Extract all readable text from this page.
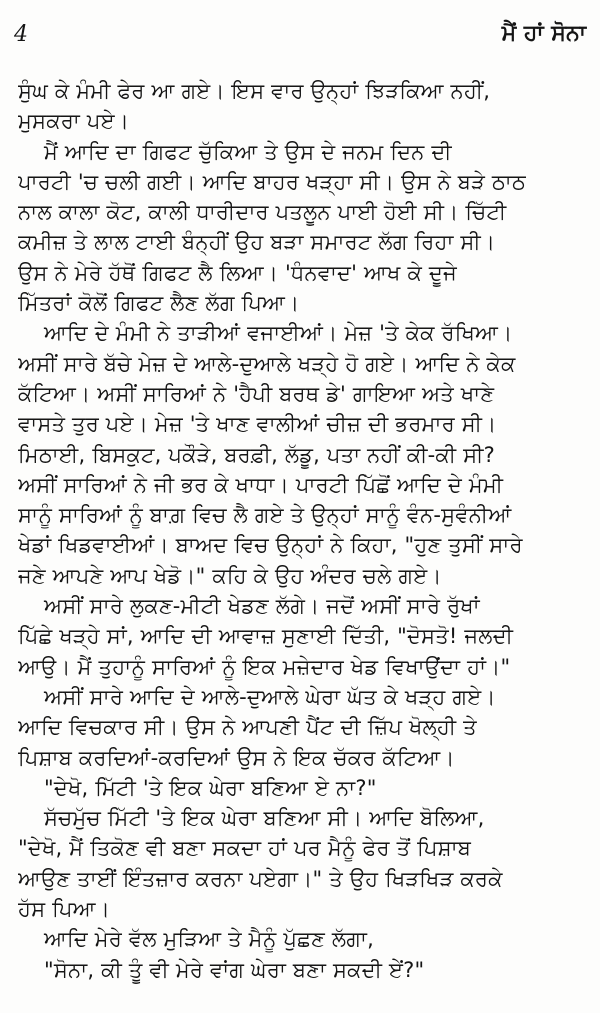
4	ਮੈਂ ਹਾਂ ਸੋਨਾ
ਸੁੰਘ ਕੇ ਮੰਮੀ ਫੇਰ ਆ ਗਏ। ਇਸ ਵਾਰ ਉਨ੍ਹਾਂ ਝਿੜਕਿਆ ਨਹੀਂ,
ਮੁਸਕਰਾ ਪਏ।
ਮੈਂ ਆਦਿ ਦਾ ਗਿਫਟ ਚੁੱਕਿਆ ਤੇ ਉਸ ਦੇ ਜਨਮ ਦਿਨ ਦੀ
ਪਾਰਟੀ 'ਚ ਚਲੀ ਗਈ। ਆਦਿ ਬਾਹਰ ਖੜ੍ਹਾ ਸੀ। ਉਸ ਨੇ ਬੜੇ ਠਾਠ
ਨਾਲ ਕਾਲਾ ਕੋਟ, ਕਾਲੀ ਧਾਰੀਦਾਰ ਪਤਲੂਨ ਪਾਈ ਹੋਈ ਸੀ। ਚਿੱਟੀ
ਕਮੀਜ਼ ਤੇ ਲਾਲ ਟਾਈ ਬੰਨ੍ਹੀਂ ਉਹ ਬੜਾ ਸਮਾਰਟ ਲੱਗ ਰਿਹਾ ਸੀ।
ਉਸ ਨੇ ਮੇਰੇ ਹੱਥੋਂ ਗਿਫਟ ਲੈ ਲਿਆ। 'ਧੰਨਵਾਦ' ਆਖ ਕੇ ਦੂਜੇ
ਮਿੱਤਰਾਂ ਕੋਲੋਂ ਗਿਫਟ ਲੈਣ ਲੱਗ ਪਿਆ।
ਆਦਿ ਦੇ ਮੰਮੀ ਨੇ ਤਾੜੀਆਂ ਵਜਾਈਆਂ। ਮੇਜ਼ 'ਤੇ ਕੇਕ ਰੱਖਿਆ।
ਅਸੀਂ ਸਾਰੇ ਬੱਚੇ ਮੇਜ਼ ਦੇ ਆਲੇ-ਦੁਆਲੇ ਖੜ੍ਹੇ ਹੋ ਗਏ। ਆਦਿ ਨੇ ਕੇਕ
ਕੱਟਿਆ। ਅਸੀਂ ਸਾਰਿਆਂ ਨੇ 'ਹੈਪੀ ਬਰਥ ਡੇ' ਗਾਇਆ ਅਤੇ ਖਾਣੇ
ਵਾਸਤੇ ਤੁਰ ਪਏ। ਮੇਜ਼ 'ਤੇ ਖਾਣ ਵਾਲੀਆਂ ਚੀਜ਼ ਦੀ ਭਰਮਾਰ ਸੀ।
ਮਿਠਾਈ, ਬਿਸਕੁਟ, ਪਕੌੜੇ, ਬਰਫ਼ੀ, ਲੱਡੂ, ਪਤਾ ਨਹੀਂ ਕੀ-ਕੀ ਸੀ?
ਅਸੀਂ ਸਾਰਿਆਂ ਨੇ ਜੀ ਭਰ ਕੇ ਖਾਧਾ। ਪਾਰਟੀ ਪਿੱਛੋਂ ਆਦਿ ਦੇ ਮੰਮੀ
ਸਾਨੂੰ ਸਾਰਿਆਂ ਨੂੰ ਬਾਗ਼ ਵਿਚ ਲੈ ਗਏ ਤੇ ਉਨ੍ਹਾਂ ਸਾਨੂੰ ਵੰਨ-ਸੁਵੰਨੀਆਂ
ਖੇਡਾਂ ਖਿਡਵਾਈਆਂ। ਬਾਅਦ ਵਿਚ ਉਨ੍ਹਾਂ ਨੇ ਕਿਹਾ, "ਹੁਣ ਤੁਸੀਂ ਸਾਰੇ
ਜਣੇ ਆਪਣੇ ਆਪ ਖੇਡੋ।" ਕਹਿ ਕੇ ਉਹ ਅੰਦਰ ਚਲੇ ਗਏ।
ਅਸੀਂ ਸਾਰੇ ਲੁਕਣ-ਮੀਟੀ ਖੇਡਣ ਲੱਗੇ। ਜਦੋਂ ਅਸੀਂ ਸਾਰੇ ਰੁੱਖਾਂ
ਪਿੱਛੇ ਖੜ੍ਹੇ ਸਾਂ, ਆਦਿ ਦੀ ਆਵਾਜ਼ ਸੁਣਾਈ ਦਿੱਤੀ, "ਦੋਸਤੋ! ਜਲਦੀ
ਆਉ। ਮੈਂ ਤੁਹਾਨੂੰ ਸਾਰਿਆਂ ਨੂੰ ਇਕ ਮਜ਼ੇਦਾਰ ਖੇਡ ਵਿਖਾਉਂਦਾ ਹਾਂ।"
ਅਸੀਂ ਸਾਰੇ ਆਦਿ ਦੇ ਆਲੇ-ਦੁਆਲੇ ਘੇਰਾ ਘੱਤ ਕੇ ਖੜ੍ਹ ਗਏ।
ਆਦਿ ਵਿਚਕਾਰ ਸੀ। ਉਸ ਨੇ ਆਪਣੀ ਪੈਂਟ ਦੀ ਜ਼ਿੱਪ ਖੋਲ੍ਹੀ ਤੇ
ਪਿਸ਼ਾਬ ਕਰਦਿਆਂ-ਕਰਦਿਆਂ ਉਸ ਨੇ ਇਕ ਚੱਕਰ ਕੱਟਿਆ।
"ਦੇਖੋ, ਮਿੱਟੀ 'ਤੇ ਇਕ ਘੇਰਾ ਬਣਿਆ ਏ ਨਾ?"
ਸੱਚਮੁੱਚ ਮਿੱਟੀ 'ਤੇ ਇਕ ਘੇਰਾ ਬਣਿਆ ਸੀ। ਆਦਿ ਬੋਲਿਆ,
"ਦੇਖੋ, ਮੈਂ ਤਿਕੋਣ ਵੀ ਬਣਾ ਸਕਦਾ ਹਾਂ ਪਰ ਮੈਨੂੰ ਫੇਰ ਤੋਂ ਪਿਸ਼ਾਬ
ਆਉਣ ਤਾਈਂ ਇੰਤਜ਼ਾਰ ਕਰਨਾ ਪਏਗਾ।" ਤੇ ਉਹ ਖਿੜਖਿੜ ਕਰਕੇ
ਹੱਸ ਪਿਆ।
ਆਦਿ ਮੇਰੇ ਵੱਲ ਮੁੜਿਆ ਤੇ ਮੈਨੂੰ ਪੁੱਛਣ ਲੱਗਾ,
"ਸੋਨਾ, ਕੀ ਤੂੰ ਵੀ ਮੇਰੇ ਵਾਂਗ ਘੇਰਾ ਬਣਾ ਸਕਦੀ ਏਂ?"
